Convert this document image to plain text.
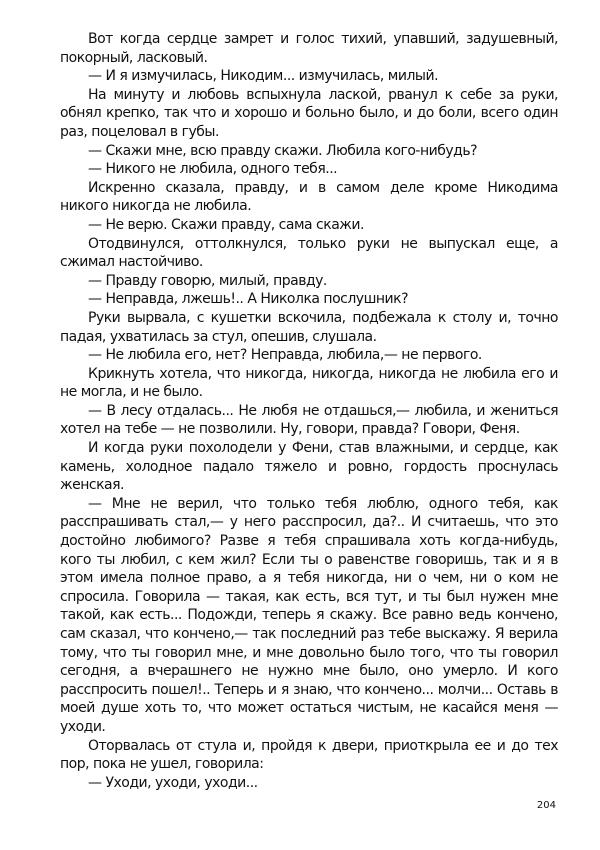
Вот когда сердце замрет и голос тихий, упавший, задушевный, покорный, ласковый.

— И я измучилась, Никодим... измучилась, милый.

На минуту и любовь вспыхнула лаской, рванул к себе за руки, обнял крепко, так что и хорошо и больно было, и до боли, всего один раз, поцеловал в губы.

— Скажи мне, всю правду скажи. Любила кого-нибудь?

— Никого не любила, одного тебя...

Искренно сказала, правду, и в самом деле кроме Никодима никого никогда не любила.

— Не верю. Скажи правду, сама скажи.

Отодвинулся, оттолкнулся, только руки не выпускал еще, а сжимал настойчиво.

— Правду говорю, милый, правду.

— Неправда, лжешь!.. А Николка послушник?

Руки вырвала, с кушетки вскочила, подбежала к столу и, точно падая, ухватилась за стул, опешив, слушала.

— Не любила его, нет? Неправда, любила,— не первого.

Крикнуть хотела, что никогда, никогда, никогда не любила его и не могла, и не было.

— В лесу отдалась... Не любя не отдашься,— любила, и жениться хотел на тебе — не позволили. Ну, говори, правда? Говори, Феня.

И когда руки похолодели у Фени, став влажными, и сердце, как камень, холодное падало тяжело и ровно, гордость проснулась женская.

— Мне не верил, что только тебя люблю, одного тебя, как расспрашивать стал,— у него расспросил, да?.. И считаешь, что это достойно любимого? Разве я тебя спрашивала хоть когда-нибудь, кого ты любил, с кем жил? Если ты о равенстве говоришь, так и я в этом имела полное право, а я тебя никогда, ни о чем, ни о ком не спросила. Говорила — такая, как есть, вся тут, и ты был нужен мне такой, как есть... Подожди, теперь я скажу. Все равно ведь кончено, сам сказал, что кончено,— так последний раз тебе выскажу. Я верила тому, что ты говорил мне, и мне довольно было того, что ты говорил сегодня, а вчерашнего не нужно мне было, оно умерло. И кого расспросить пошел!.. Теперь и я знаю, что кончено... молчи... Оставь в моей душе хоть то, что может остаться чистым, не касайся меня — уходи.

Оторвалась от стула и, пройдя к двери, приоткрыла ее и до тех пор, пока не ушел, говорила:

— Уходи, уходи, уходи...

204
